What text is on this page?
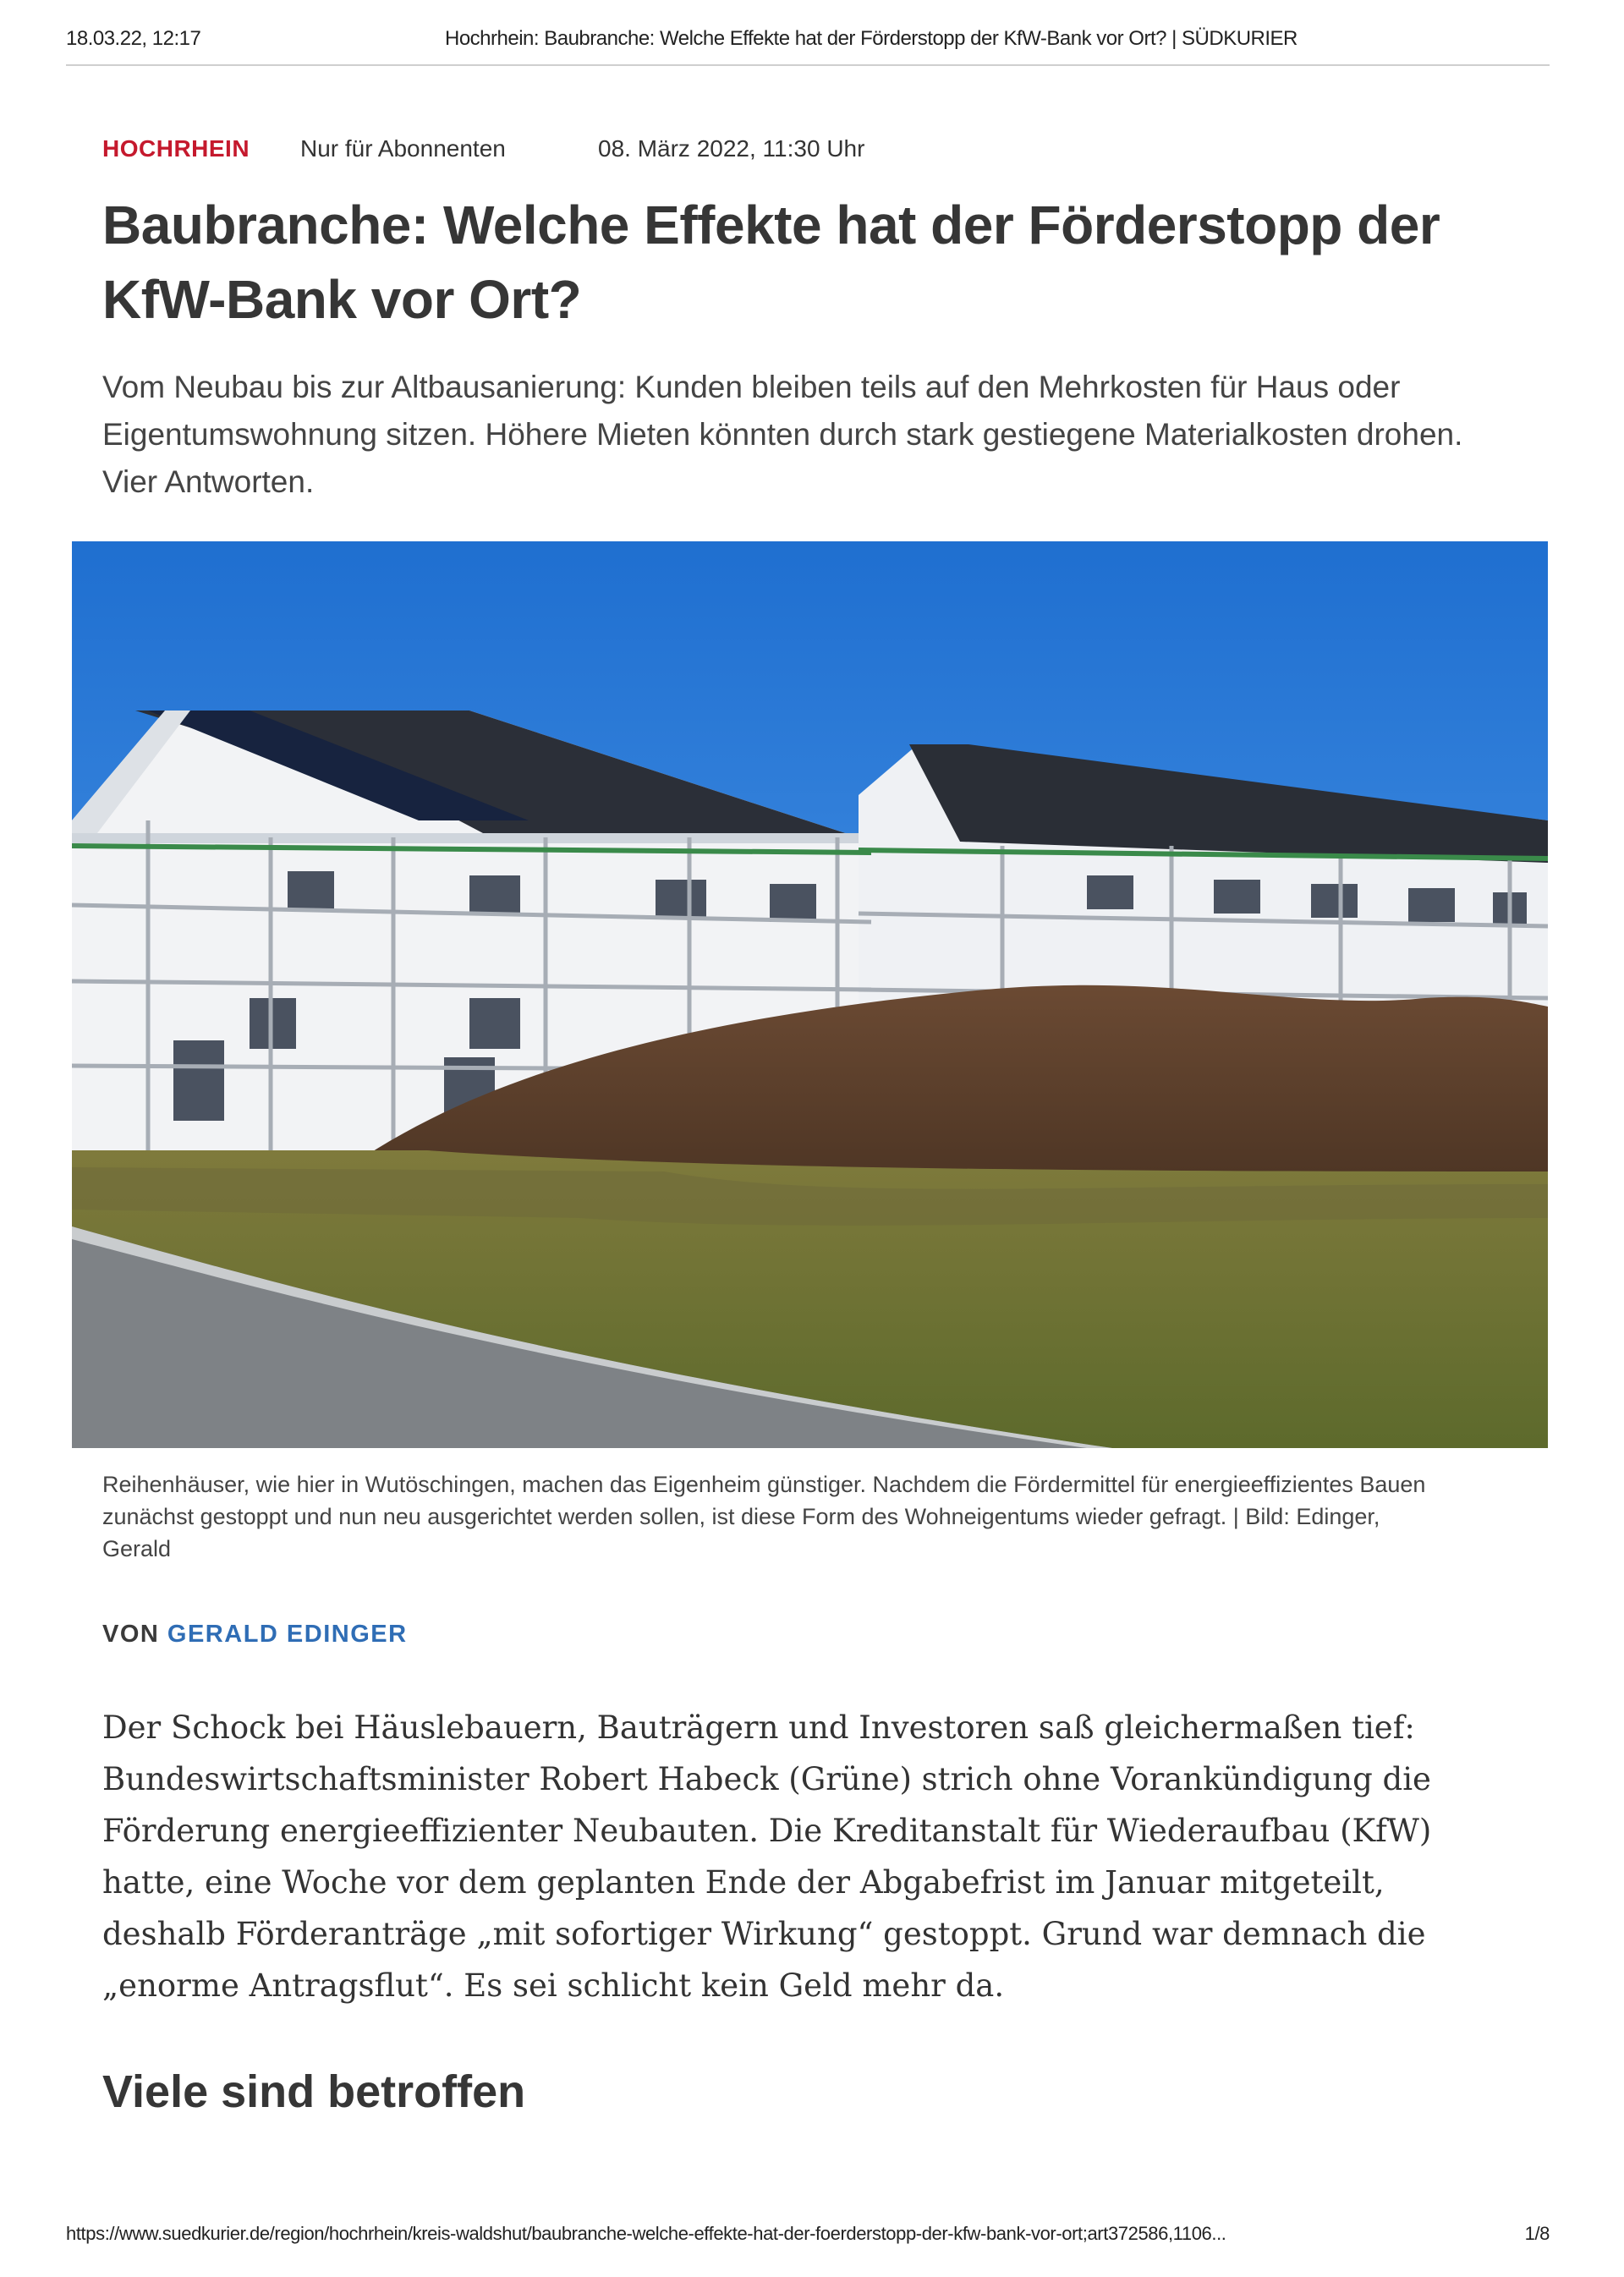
18.03.22, 12:17	Hochrhein: Baubranche: Welche Effekte hat der Förderstopp der KfW-Bank vor Ort? | SÜDKURIER
HOCHRHEIN Nur für Abonnenten	08. März 2022, 11:30 Uhr
Baubranche: Welche Effekte hat der Förderstopp der KfW-Bank vor Ort?

Vom Neubau bis zur Altbausanierung: Kunden bleiben teils auf den Mehrkosten für Haus oder Eigentumswohnung sitzen. Höhere Mieten könnten durch stark gestiegene Materialkosten drohen. Vier Antworten.

Reihenhäuser, wie hier in Wutöschingen, machen das Eigenheim günstiger. Nachdem die Fördermittel für energieeffizientes Bauen zunächst gestoppt und nun neu ausgerichtet werden sollen, ist diese Form des Wohneigentums wieder gefragt. | Bild: Edinger, Gerald

VON GERALD EDINGER

Der Schock bei Häuslebauern, Bauträgern und Investoren saß gleichermaßen tief: Bundeswirtschaftsminister Robert Habeck (Grüne) strich ohne Vorankündigung die Förderung energieeffizienter Neubauten. Die Kreditanstalt für Wiederaufbau (KfW) hatte, eine Woche vor dem geplanten Ende der Abgabefrist im Januar mitgeteilt, deshalb Förderanträge „mit sofortiger Wirkung“ gestoppt. Grund war demnach die „enorme Antragsflut“. Es sei schlicht kein Geld mehr da.

Viele sind betroffen
https://www.suedkurier.de/region/hochrhein/kreis-waldshut/baubranche-welche-effekte-hat-der-foerderstopp-der-kfw-bank-vor-ort;art372586,1106...	1/8
